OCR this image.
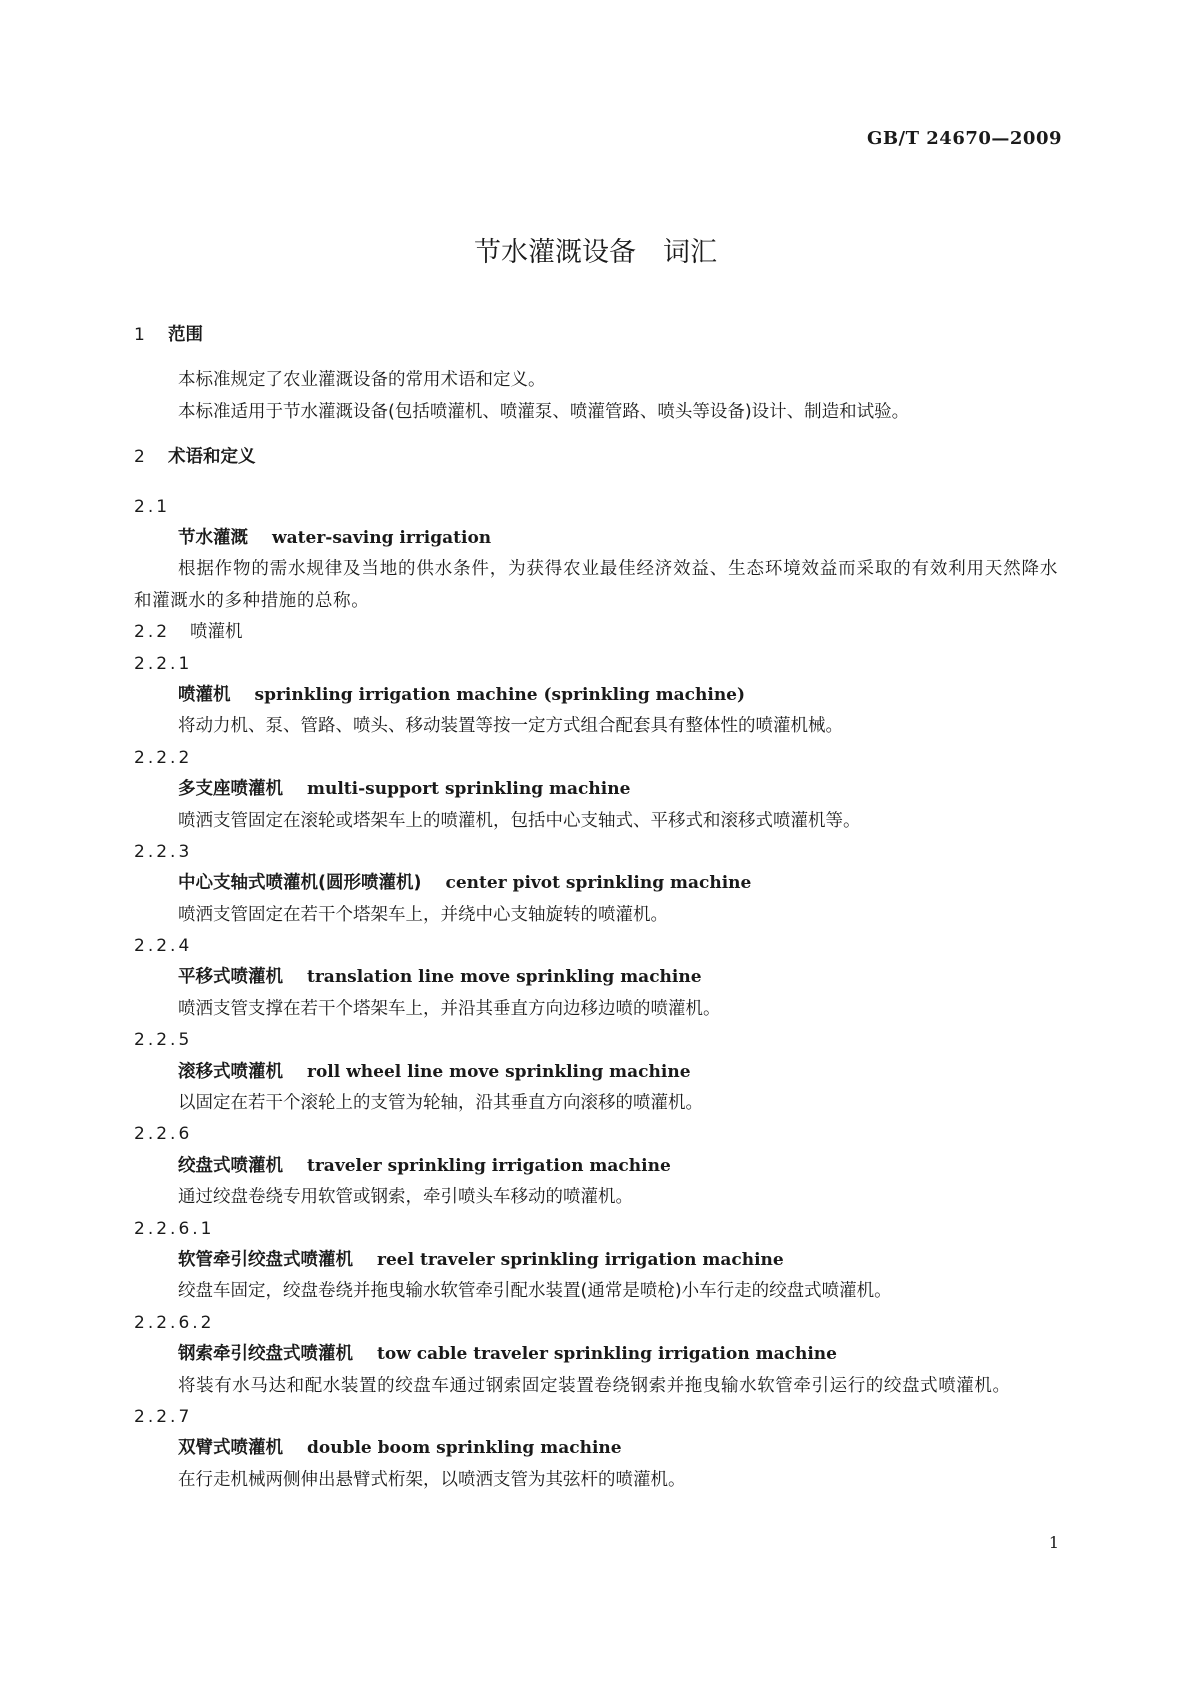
GB/T 24670—2009
节水灌溉设备　词汇
1 范围
本标准规定了农业灌溉设备的常用术语和定义。
本标准适用于节水灌溉设备(包括喷灌机、喷灌泵、喷灌管路、喷头等设备)设计、制造和试验。
2 术语和定义
2.1
节水灌溉 water-saving irrigation
根据作物的需水规律及当地的供水条件，为获得农业最佳经济效益、生态环境效益而采取的有效利用天然降水和灌溉水的多种措施的总称。
2.2 喷灌机
2.2.1
喷灌机 sprinkling irrigation machine (sprinkling machine)
将动力机、泵、管路、喷头、移动装置等按一定方式组合配套具有整体性的喷灌机械。
2.2.2
多支座喷灌机 multi-support sprinkling machine
喷洒支管固定在滚轮或塔架车上的喷灌机，包括中心支轴式、平移式和滚移式喷灌机等。
2.2.3
中心支轴式喷灌机(圆形喷灌机) center pivot sprinkling machine
喷洒支管固定在若干个塔架车上，并绕中心支轴旋转的喷灌机。
2.2.4
平移式喷灌机 translation line move sprinkling machine
喷洒支管支撑在若干个塔架车上，并沿其垂直方向边移边喷的喷灌机。
2.2.5
滚移式喷灌机 roll wheel line move sprinkling machine
以固定在若干个滚轮上的支管为轮轴，沿其垂直方向滚移的喷灌机。
2.2.6
绞盘式喷灌机 traveler sprinkling irrigation machine
通过绞盘卷绕专用软管或钢索，牵引喷头车移动的喷灌机。
2.2.6.1
软管牵引绞盘式喷灌机 reel traveler sprinkling irrigation machine
绞盘车固定，绞盘卷绕并拖曳输水软管牵引配水装置(通常是喷枪)小车行走的绞盘式喷灌机。
2.2.6.2
钢索牵引绞盘式喷灌机 tow cable traveler sprinkling irrigation machine
将装有水马达和配水装置的绞盘车通过钢索固定装置卷绕钢索并拖曳输水软管牵引运行的绞盘式喷灌机。
2.2.7
双臂式喷灌机 double boom sprinkling machine
在行走机械两侧伸出悬臂式桁架，以喷洒支管为其弦杆的喷灌机。
1
